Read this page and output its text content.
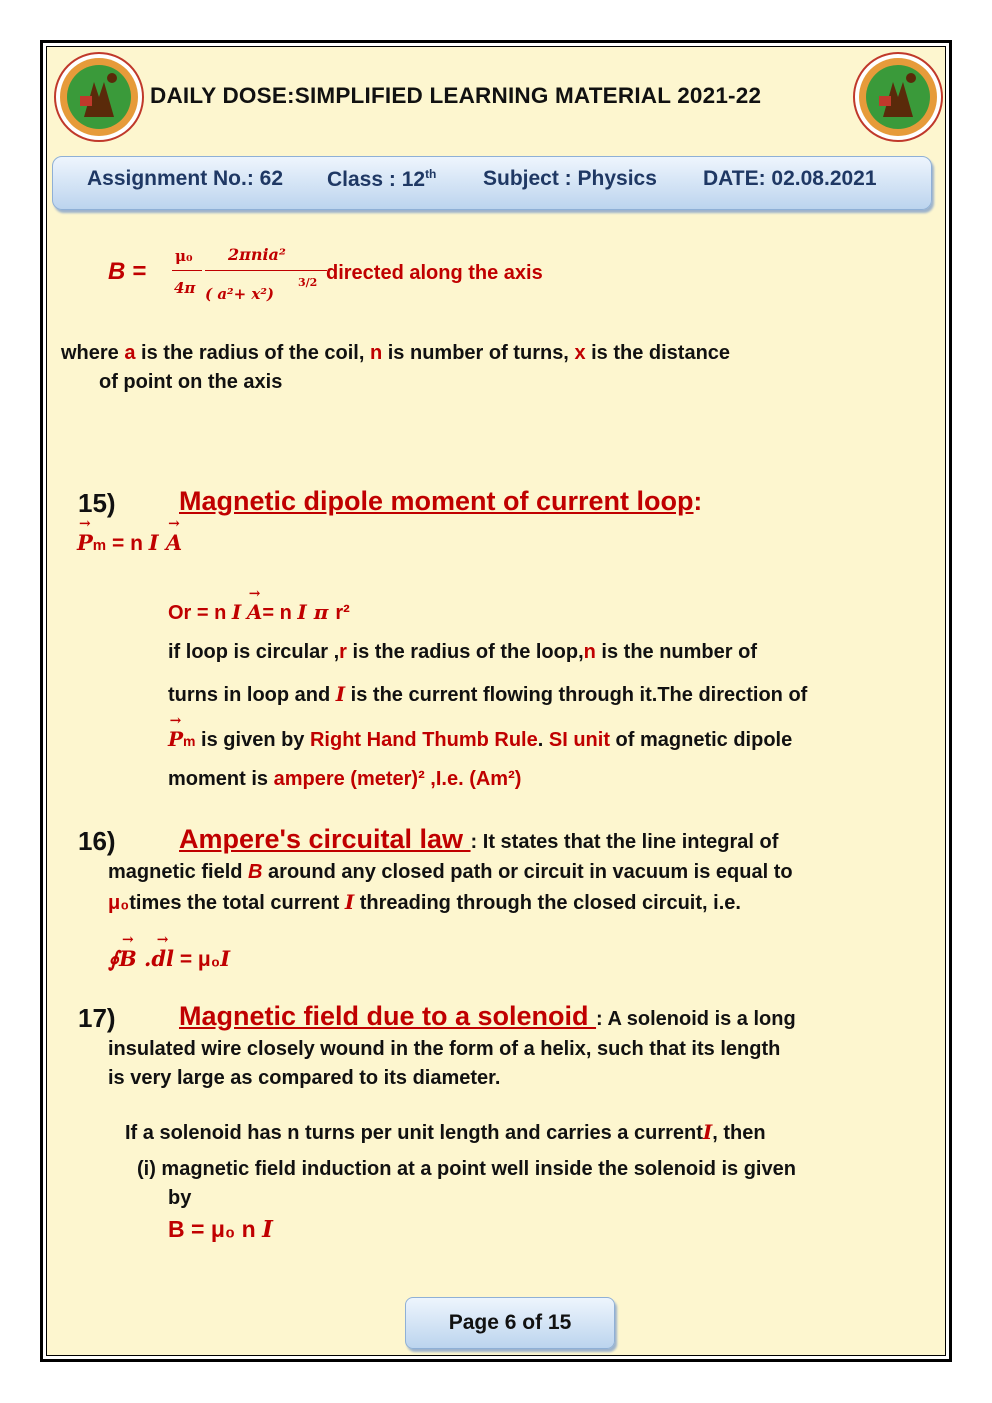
DAILY DOSE:SIMPLIFIED LEARNING MATERIAL 2021-22
Assignment No.: 62 Class : 12th Subject : Physics DATE: 02.08.2021
B =
μ₀
4π
2πnia²
( a²+ x²)
3/2 directed along the axis
where a is the radius of the coil, n is number of turns, x is the distance
of point on the axis
15) Magnetic dipole moment of current loop:
→ Pm = n I → A
Or = n I → A= n I π r²
if loop is circular ,r is the radius of the loop,n is the number of
turns in loop and I is the current flowing through it.The direction of
→ Pm is given by Right Hand Thumb Rule. SI unit of magnetic dipole
moment is ampere (meter)² ,I.e. (Am²)
16) Ampere's circuital law : It states that the line integral of
magnetic field B around any closed path or circuit in vacuum is equal to
μ₀times the total current I threading through the closed circuit, i.e.
∮→ B .→ dl = μ₀I
17) Magnetic field due to a solenoid : A solenoid is a long
insulated wire closely wound in the form of a helix, such that its length
is very large as compared to its diameter.
If a solenoid has n turns per unit length and carries a currentI, then
(i) magnetic field induction at a point well inside the solenoid is given
by
B = μ₀ n I
Page 6 of 15
